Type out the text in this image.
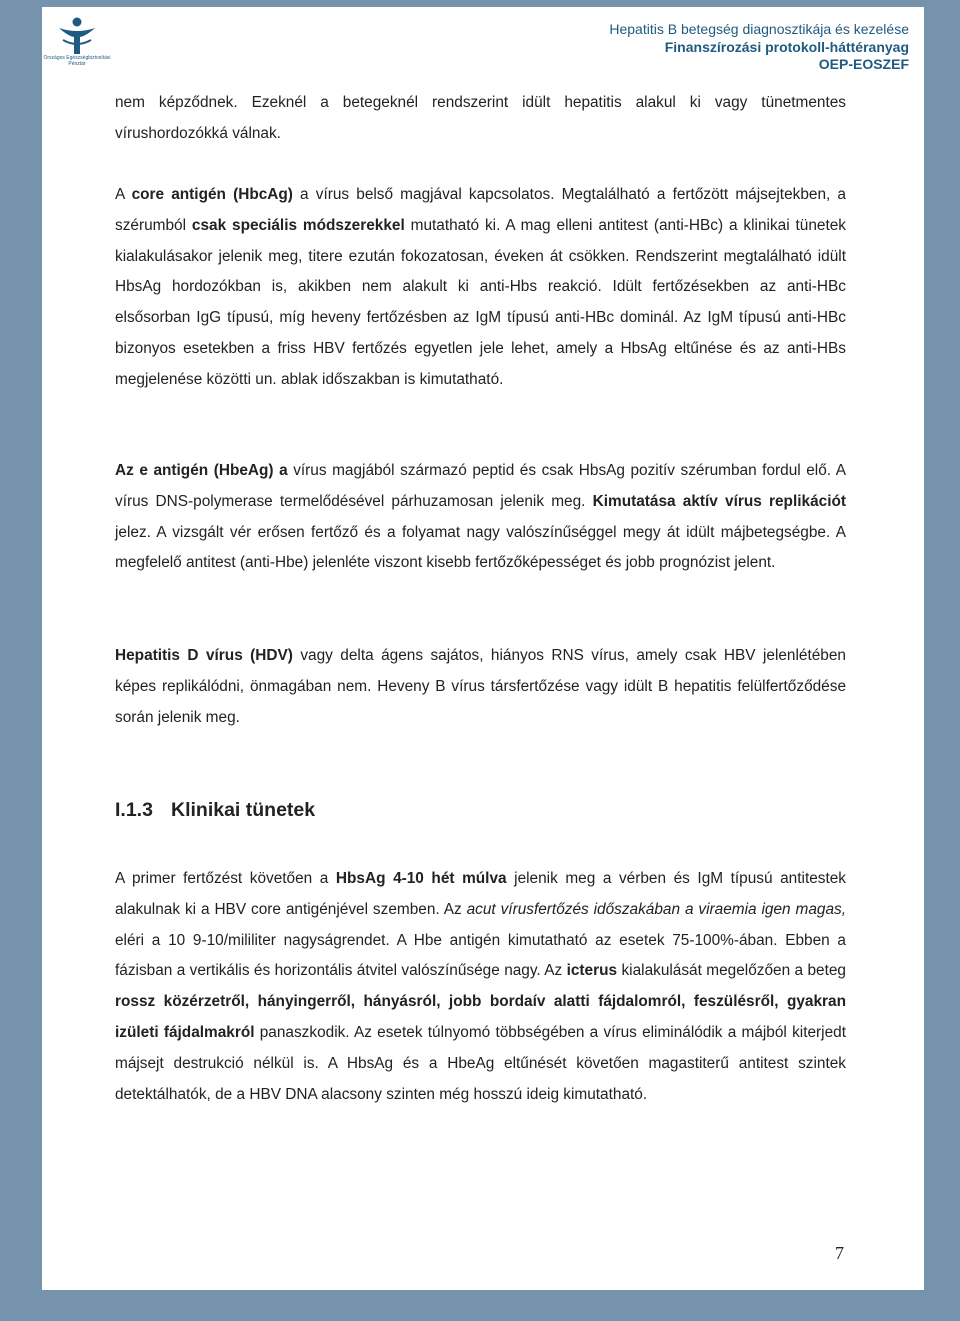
Országos Egészségbiztosítási
Pénztár
Hepatitis B betegség diagnosztikája és kezelése
Finanszírozási protokoll-háttéranyag
OEP-EOSZEF

nem képződnek. Ezeknél a betegeknél rendszerint idült hepatitis alakul ki vagy tünetmentes vírushordozókká válnak.

A core antigén (HbcAg) a vírus belső magjával kapcsolatos. Megtalálható a fertőzött májsejtekben, a szérumból csak speciális módszerekkel mutatható ki. A mag elleni antitest (anti-HBc) a klinikai tünetek kialakulásakor jelenik meg, titere ezután fokozatosan, éveken át csökken. Rendszerint megtalálható idült HbsAg hordozókban is, akikben nem alakult ki anti-Hbs reakció. Idült fertőzésekben az anti-HBc elsősorban IgG típusú, míg heveny fertőzésben az IgM típusú anti-HBc dominál. Az IgM típusú anti-HBc bizonyos esetekben a friss HBV fertőzés egyetlen jele lehet, amely a HbsAg eltűnése és az anti-HBs megjelenése közötti un. ablak időszakban is kimutatható.

Az e antigén (HbeAg) a vírus magjából származó peptid és csak HbsAg pozitív szérumban fordul elő. A vírus DNS-polymerase termelődésével párhuzamosan jelenik meg. Kimutatása aktív vírus replikációt jelez. A vizsgált vér erősen fertőző és a folyamat nagy valószínűséggel megy át idült májbetegségbe. A megfelelő antitest (anti-Hbe) jelenléte viszont kisebb fertőzőképességet és jobb prognózist jelent.

Hepatitis D vírus (HDV) vagy delta ágens sajátos, hiányos RNS vírus, amely csak HBV jelenlétében képes replikálódni, önmagában nem. Heveny B vírus társfertőzése vagy idült B hepatitis felülfertőződése során jelenik meg.

I.1.3 Klinikai tünetek

A primer fertőzést követően a HbsAg 4-10 hét múlva jelenik meg a vérben és IgM típusú antitestek alakulnak ki a HBV core antigénjével szemben. Az acut vírusfertőzés időszakában a viraemia igen magas, eléri a 10 9-10/mililiter nagyságrendet. A Hbe antigén kimutatható az esetek 75-100%-ában. Ebben a fázisban a vertikális és horizontális átvitel valószínűsége nagy. Az icterus kialakulását megelőzően a beteg rossz közérzetről, hányingerről, hányásról, jobb bordaív alatti fájdalomról, feszülésről, gyakran izületi fájdalmakról panaszkodik. Az esetek túlnyomó többségében a vírus eliminálódik a májból kiterjedt májsejt destrukció nélkül is. A HbsAg és a HbeAg eltűnését követően magastiterű antitest szintek detektálhatók, de a HBV DNA alacsony szinten még hosszú ideig kimutatható.

7
